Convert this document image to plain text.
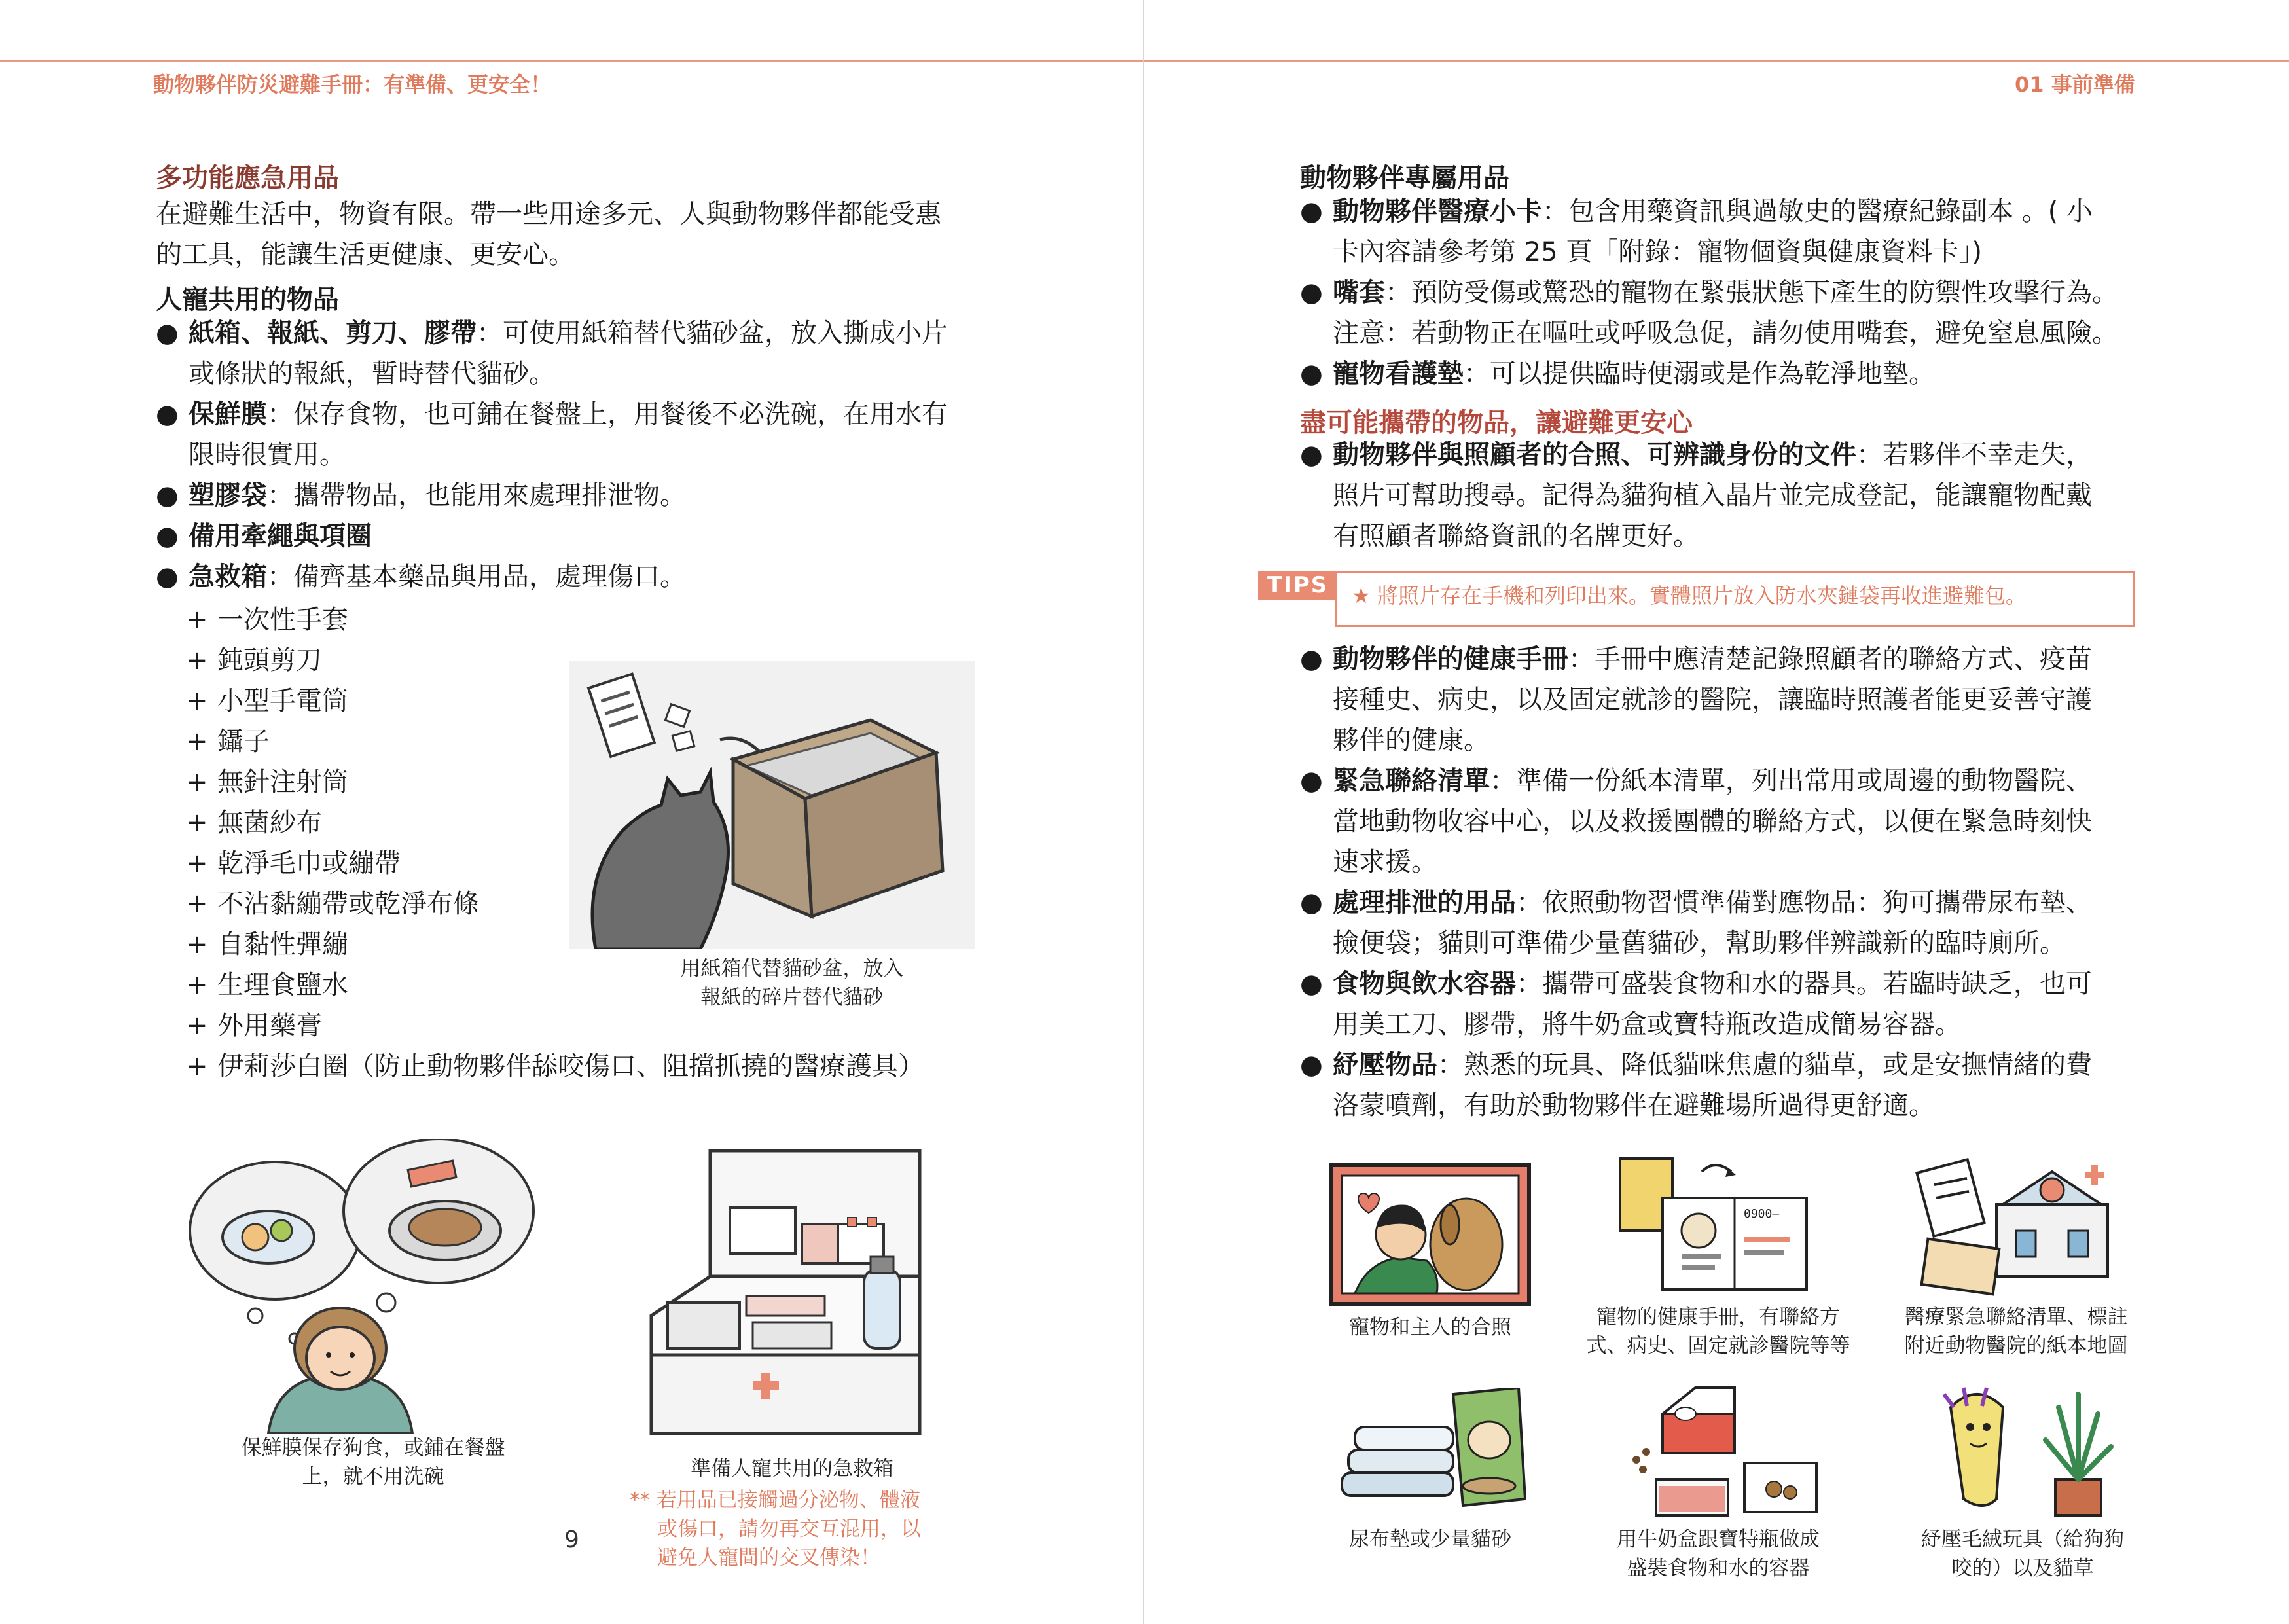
動物夥伴防災避難手冊：有準備、更安全！	01 事前準備
多功能應急用品
在避難生活中，物資有限。帶一些用途多元、人與動物夥伴都能受惠
的工具，能讓生活更健康、更安心。
人寵共用的物品
● 紙箱、報紙、剪刀、膠帶：可使用紙箱替代貓砂盆，放入撕成小片
或條狀的報紙，暫時替代貓砂。
● 保鮮膜：保存食物，也可鋪在餐盤上，用餐後不必洗碗，在用水有
限時很實用。
● 塑膠袋：攜帶物品，也能用來處理排泄物。
● 備用牽繩與項圈
● 急救箱：備齊基本藥品與用品，處理傷口。
+ 一次性手套
+ 鈍頭剪刀
+ 小型手電筒
+ 鑷子
+ 無針注射筒
+ 無菌紗布
+ 乾淨毛巾或繃帶
+ 不沾黏繃帶或乾淨布條
+ 自黏性彈繃
+ 生理食鹽水
+ 外用藥膏
+ 伊莉莎白圈（防止動物夥伴舔咬傷口、阻擋抓撓的醫療護具）
用紙箱代替貓砂盆，放入
報紙的碎片替代貓砂
保鮮膜保存狗食，或鋪在餐盤
上，就不用洗碗	準備人寵共用的急救箱
** 若用品已接觸過分泌物、體液
或傷口，請勿再交互混用，以
避免人寵間的交叉傳染！
9
動物夥伴專屬用品
● 動物夥伴醫療小卡：包含用藥資訊與過敏史的醫療紀錄副本 。( 小
卡內容請參考第 25 頁「附錄：寵物個資與健康資料卡」)
● 嘴套：預防受傷或驚恐的寵物在緊張狀態下產生的防禦性攻擊行為。
注意：若動物正在嘔吐或呼吸急促，請勿使用嘴套，避免窒息風險。
● 寵物看護墊：可以提供臨時便溺或是作為乾淨地墊。
盡可能攜帶的物品，讓避難更安心
● 動物夥伴與照顧者的合照、可辨識身份的文件：若夥伴不幸走失，
照片可幫助搜尋。記得為貓狗植入晶片並完成登記，能讓寵物配戴
有照顧者聯絡資訊的名牌更好。
TIPS	★ 將照片存在手機和列印出來。實體照片放入防水夾鏈袋再收進避難包。
● 動物夥伴的健康手冊：手冊中應清楚記錄照顧者的聯絡方式、疫苗
接種史、病史，以及固定就診的醫院，讓臨時照護者能更妥善守護
夥伴的健康。
● 緊急聯絡清單：準備一份紙本清單，列出常用或周邊的動物醫院、
當地動物收容中心，以及救援團體的聯絡方式，以便在緊急時刻快
速求援。
● 處理排泄的用品：依照動物習慣準備對應物品：狗可攜帶尿布墊、
撿便袋；貓則可準備少量舊貓砂，幫助夥伴辨識新的臨時廁所。
● 食物與飲水容器：攜帶可盛裝食物和水的器具。若臨時缺乏，也可
用美工刀、膠帶，將牛奶盒或寶特瓶改造成簡易容器。
● 紓壓物品：熟悉的玩具、降低貓咪焦慮的貓草，或是安撫情緒的費
洛蒙噴劑，有助於動物夥伴在避難場所過得更舒適。
寵物和主人的合照
0900—
寵物的健康手冊，有聯絡方
式、病史、固定就診醫院等等
醫療緊急聯絡清單、標註
附近動物醫院的紙本地圖
尿布墊或少量貓砂	用牛奶盒跟寶特瓶做成
盛裝食物和水的容器
紓壓毛絨玩具（給狗狗
咬的）以及貓草
